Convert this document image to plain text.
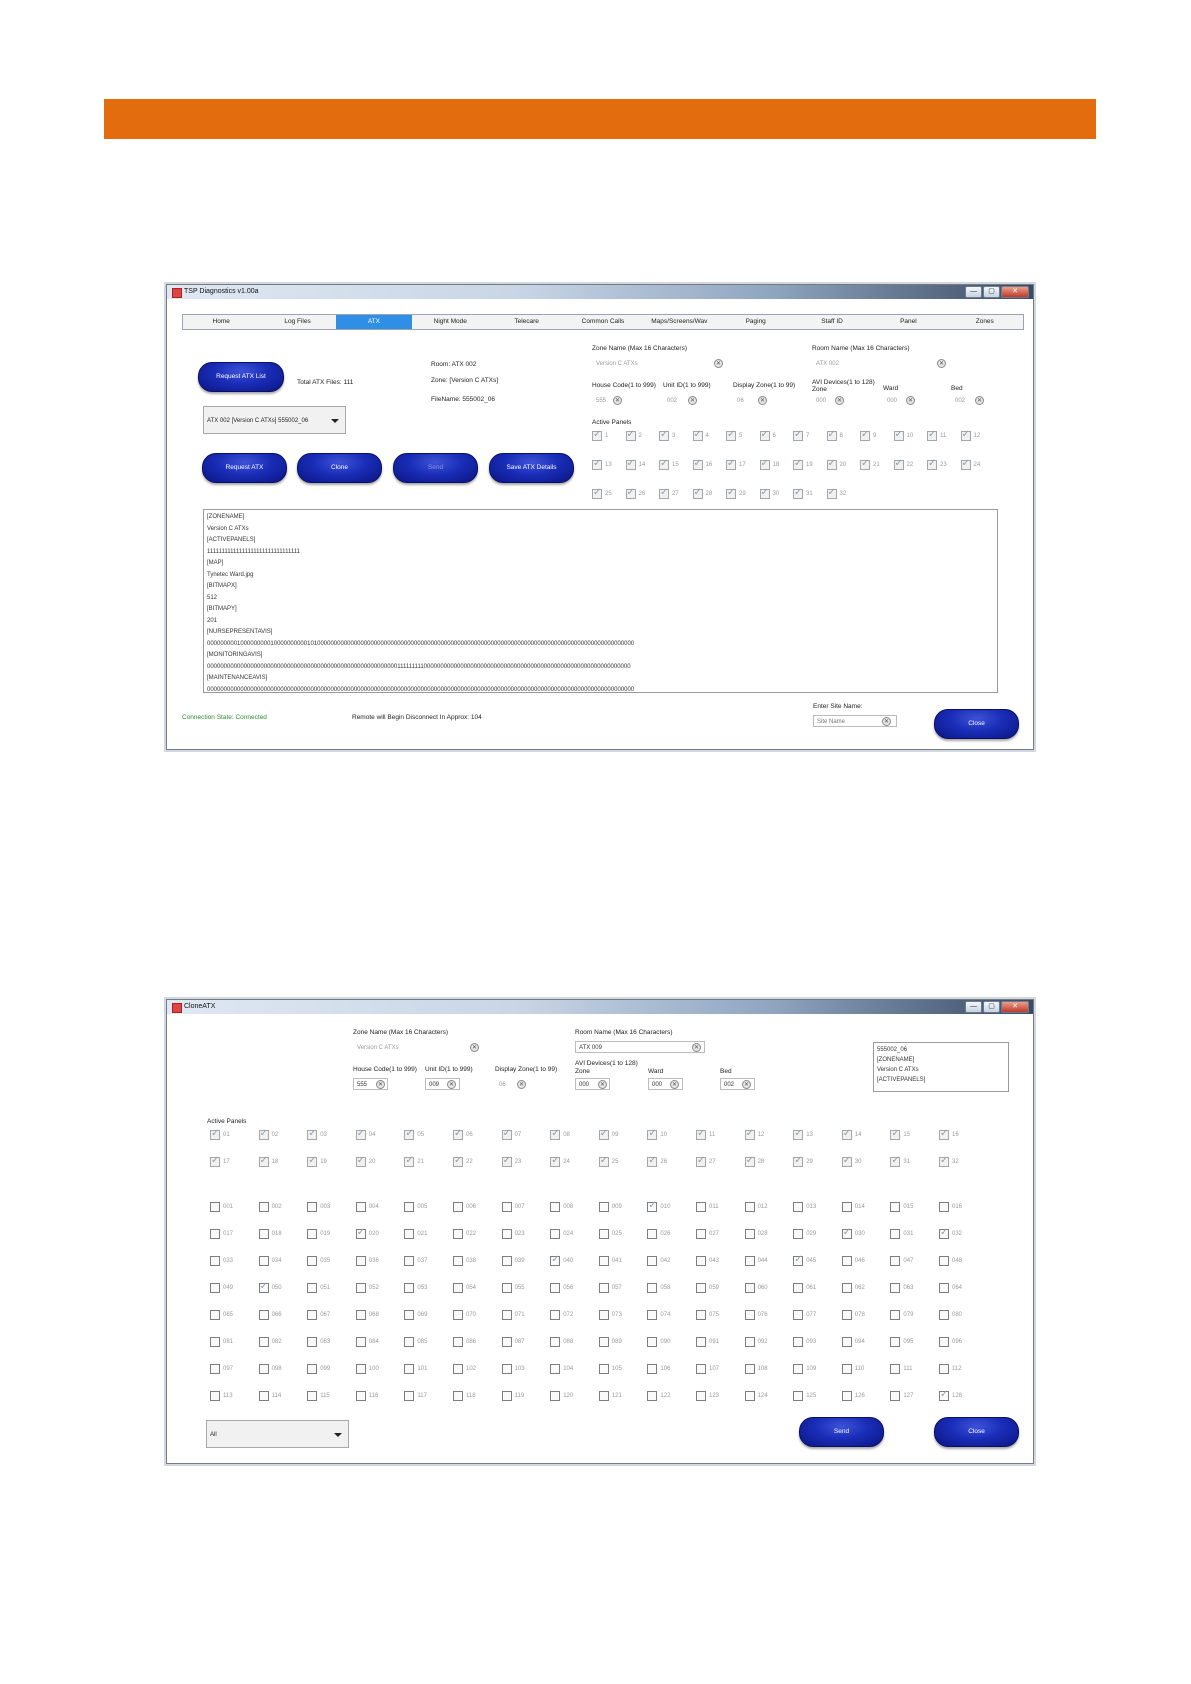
TSP Diagnostics v1.00a	—	▢	✕
Home	Log Files	ATX	Night Mode	Telecare	Common Calls	Maps/Screens/Wav	Paging	Staff ID	Panel	Zones
Request ATX List
Total ATX Files: 111
Room: ATX 002
Zone: [Version C ATXs]
FileName: 555002_06
ATX 002 [Version C ATXs] 555002_06
Request ATX	Clone	Send	Save ATX Details
Zone Name (Max 16 Characters)
Version C ATXs	✕
Room Name (Max 16 Characters)
ATX 002	✕
House Code(1 to 999)
555	✕
Unit ID(1 to 999)
002	✕
Display Zone(1 to 99)
06	✕
AVI Devices(1 to 128)
Zone
000	✕
Ward
000	✕
Bed
002	✕
Active Panels
[ZONENAME]
Version C ATXs
[ACTIVEPANELS]
11111111111111111111111111111111
[MAP]
Tynetec Ward.jpg
[BITMAPX]
512
[BITMAPY]
201
[NURSEPRESENTAVIS]
00000000010000000001000000000010100000000000000000000000000000000000000000000000000000000000000000000000000000000000000000000000
[MONITORINGAVIS]
00000000000000000000000000000000000000000000000000000000011111111100000000000000000000000000000000000000000000000000000000000000
[MAINTENANCEAVIS]
00000000000000000000000000000000000000000000000000000000000000000000000000000000000000000000000000000000000000000000000000000000
Connection State: Connected	Remote will Begin Disconnect In Approx: 104
Enter Site Name:
Site Name	✕	Close
✓
1 ✓	2 ✓	3 ✓	4 ✓	5 ✓	6 ✓	7 ✓	8 ✓	9 ✓	10 ✓	11 ✓	12
✓
13 ✓	14 ✓	15 ✓	16 ✓	17 ✓	18 ✓	19 ✓	20 ✓	21 ✓	22 ✓	23 ✓	24
✓
25 ✓	26 ✓	27 ✓	28 ✓	29 ✓	30 ✓	31 ✓	32
CloneATX	—	▢	✕
Zone Name (Max 16 Characters)
Version C ATXs	✕
Room Name (Max 16 Characters)
ATX 009	✕
House Code(1 to 999)
555	✕
Unit ID(1 to 999)
009	✕
Display Zone(1 to 99)
06	✕
AVI Devices(1 to 128)
Zone
000	✕
Ward
000	✕
Bed
002	✕
555002_06
[ZONENAME]
Version C ATXs
[ACTIVEPANELS]
Active Panels
All	Send	Close
✓
01 ✓	02 ✓	03 ✓	04 ✓	05 ✓	06 ✓	07 ✓	08 ✓	09 ✓	10 ✓	11 ✓	12 ✓	13 ✓	14 ✓	15 ✓	16
✓
17 ✓	18 ✓	19 ✓	20 ✓	21 ✓	22 ✓	23 ✓	24 ✓	25 ✓	26 ✓	27 ✓	28 ✓	29 ✓	30 ✓	31 ✓	32
001	002	003	004	005	006	007	008	009 ✓	010	011	012	013	014	015	016
017	018	019 ✓	020	021	022	023	024	025	026	027	028	029 ✓	030	031 ✓	032
033	034	035	036	037	038	039 ✓	040	041	042	043	044 ✓	045	046	047	048
049 ✓	050	051	052	053	054	055	056	057	058	059	060	061	062	063	064
065	066	067	068	069	070	071	072	073	074	075	076	077	078	079	080
081	082	083	084	085	086	087	088	089	090	091	092	093	094	095	096
097	098	099	100	101	102	103	104	105	106	107	108	109	110	111	112
113	114	115	116	117	118	119	120	121	122	123	124	125	126	127 ✓	128
